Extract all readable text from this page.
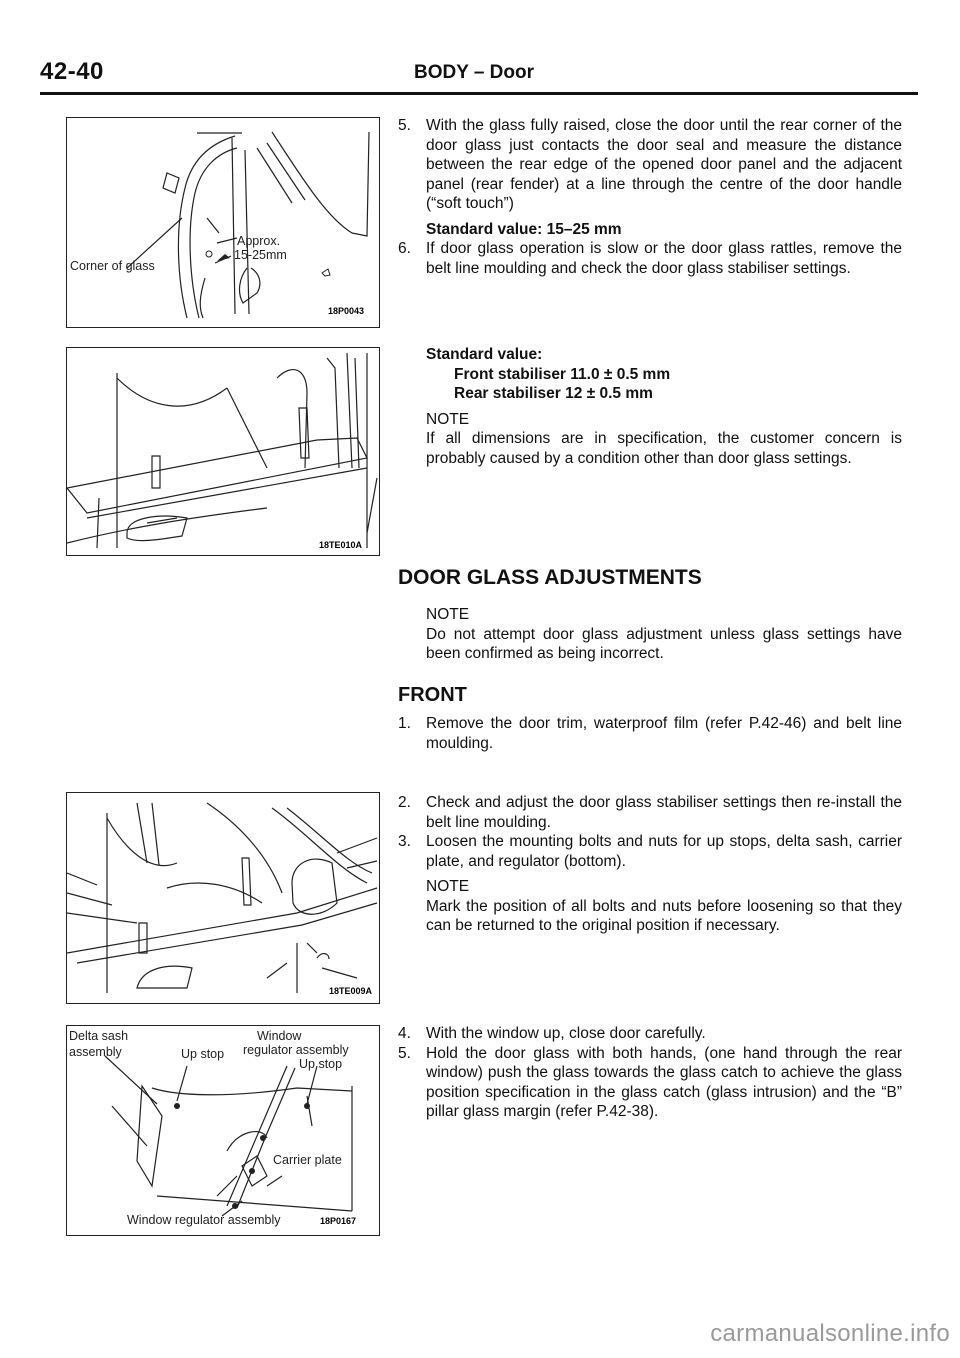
42-40	BODY – Door
Corner of glass
Approx.
15-25mm
18P0043
18TE010A
18TE009A
Delta sash
assembly	Up stop
Window
regulator assembly
Up stop
Carrier plate
Window regulator assembly	18P0167
5. With the glass fully raised, close the door until the rear corner of the door glass just contacts the door seal and measure the distance between the rear edge of the opened door panel and the adjacent panel (rear fender) at a line through the centre of the door handle (“soft touch”)
Standard value: 15–25 mm
6. If door glass operation is slow or the door glass rattles, remove the belt line moulding and check the door glass stabiliser settings.
Standard value:
Front stabiliser 11.0 ± 0.5 mm
Rear stabiliser 12 ± 0.5 mm
NOTE
If all dimensions are in specification, the customer concern is probably caused by a condition other than door glass settings.
DOOR GLASS ADJUSTMENTS
NOTE
Do not attempt door glass adjustment unless glass settings have been confirmed as being incorrect.
FRONT
1. Remove the door trim, waterproof film (refer P.42-46) and belt line moulding.
2. Check and adjust the door glass stabiliser settings then re-install the belt line moulding.
3. Loosen the mounting bolts and nuts for up stops, delta sash, carrier plate, and regulator (bottom).
NOTE
Mark the position of all bolts and nuts before loosening so that they can be returned to the original position if necessary.
4. With the window up, close door carefully.
5. Hold the door glass with both hands, (one hand through the rear window) push the glass towards the glass catch to achieve the glass position specification in the glass catch (glass intrusion) and the “B” pillar glass margin (refer P.42-38).
carmanualsonline.info
